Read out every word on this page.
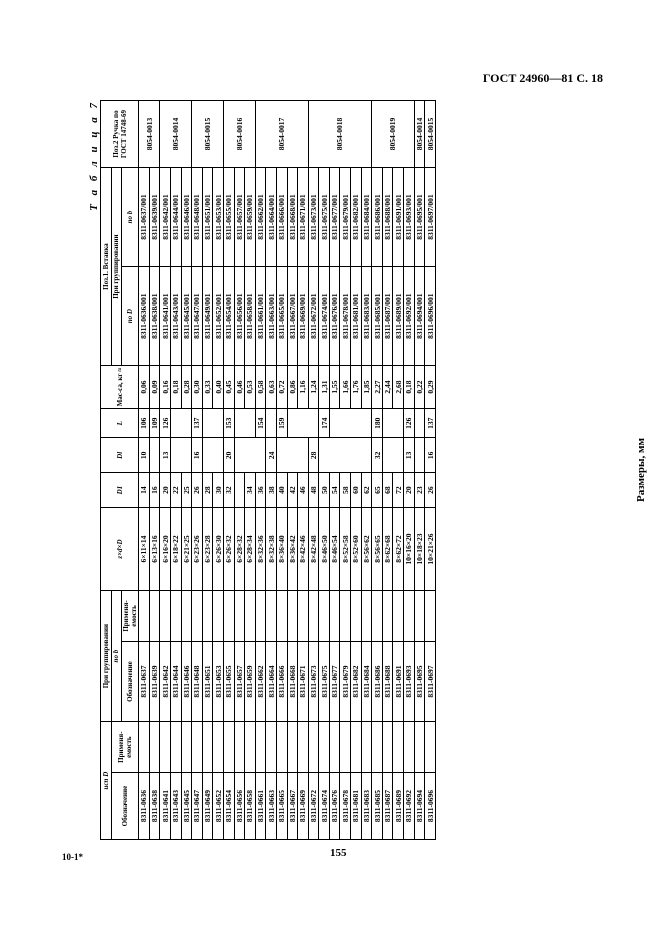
ГОСТ 24960—81 С. 18
10-1*	155
Т а б л и ц а 7
Размеры, мм
исп D		При группировании		z×d×D	D1	Dl	L	Мас-са, кг ≈	Поз.1. Вставка		Поз.2 Ручка по ГОСТ 14748-69
Обозначение	Применя-емость	по b							При группировании		
		Обозначение	Применя-емость						по D	по b	
8311-0636		8311-0637		6×11×14	14	10	106	0,06	8311-0636/001	8311-0637/001	8054-0013
8311-0638		8311-0639		6×13×16	16		109	0,09	8311-0638/001	8311-0639/001	
8311-0641		8311-0642		6×16×20	20	13	126	0,16	8311-0641/001	8311-0642/001	8054-0014
8311-0643		8311-0644		6×18×22	22			0,18	8311-0643/001	8311-0644/001	
8311-0645		8311-0646		6×21×25	25			0,28	8311-0645/001	8311-0646/001	
8311-0647		8311-0648		6×23×26	26	16	137	0,30	8311-0647/001	8311-0648/001	8054-0015
8311-0649		8311-0651		6×23×28	28			0,33	8311-0649/001	8311-0651/001	
8311-0652		8311-0653		6×26×30	30			0,40	8311-0652/001	8311-0653/001	
8311-0654		8311-0655		6×26×32	32	20	153	0,45	8311-0654/001	8311-0655/001	8054-0016
8311-0656		8311-0657		6×28×32				0,46	8311-0656/001	8311-0657/001	
8311-0658		8311-0659		6×28×34	34			0,53	8311-0658/001	8311-0659/001	
8311-0661		8311-0662		8×32×36	36		154	0,58	8311-0661/001	8311-0662/001	8054-0017
8311-0663		8311-0664		8×32×38	38	24		0,63	8311-0663/001	8311-0664/001	
8311-0665		8311-0666		8×36×40	40		159	0,72	8311-0665/001	8311-0666/001	
8311-0667		8311-0668		8×36×42	42			0,86	8311-0667/001	8311-0668/001	
8311-0669		8311-0671		8×42×46	46			1,16	8311-0669/001	8311-0671/001	
8311-0672		8311-0673		8×42×48	48	28		1,24	8311-0672/001	8311-0673/001	8054-0018
8311-0674		8311-0675		8×46×50	50		174	1,31	8311-0674/001	8311-0675/001	
8311-0676		8311-0677		8×46×54	54			1,55	8311-0676/001	8311-0677/001	
8311-0678		8311-0679		8×52×58	58			1,66	8311-0678/001	8311-0679/001	
8311-0681		8311-0682		8×52×60	60			1,76	8311-0681/001	8311-0682/001	
8311-0683		8311-0684		8×56×62	62			1,85	8311-0683/001	8311-0684/001	
8311-0685		8311-0686		8×56×65	65	32	180	2,27	8311-0685/001	8311-0686/001	8054-0019
8311-0687		8311-0688		8×62×68	68			2,44	8311-0687/001	8311-0688/001	
8311-0689		8311-0691		8×62×72	72			2,68	8311-0689/001	8311-0691/001	
8311-0692		8311-0693		10×16×20	20	13	126	0,18	8311-0692/001	8311-0693/001	
8311-0694		8311-0695		10×18×23	23			0,22	8311-0694/001	8311-0695/001	8054-0014
8311-0696		8311-0697		10×21×26	26	16	137	0,29	8311-0696/001	8311-0697/001	8054-0015
